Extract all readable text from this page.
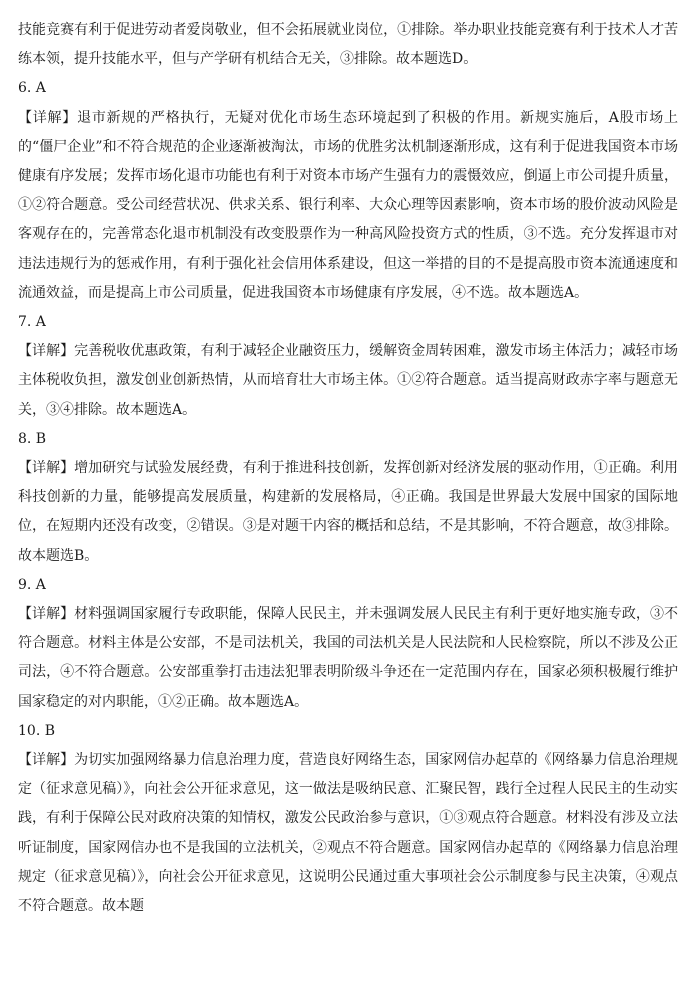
技能竞赛有利于促进劳动者爱岗敬业，但不会拓展就业岗位，①排除。举办职业技能竞赛有利于技术人才苦练本领，提升技能水平，但与产学研有机结合无关，③排除。故本题选D。

6. A

【详解】退市新规的严格执行，无疑对优化市场生态环境起到了积极的作用。新规实施后，A股市场上的“僵尸企业”和不符合规范的企业逐渐被淘汰，市场的优胜劣汰机制逐渐形成，这有利于促进我国资本市场健康有序发展；发挥市场化退市功能也有利于对资本市场产生强有力的震慑效应，倒逼上市公司提升质量，①②符合题意。受公司经营状况、供求关系、银行利率、大众心理等因素影响，资本市场的股价波动风险是客观存在的，完善常态化退市机制没有改变股票作为一种高风险投资方式的性质，③不选。充分发挥退市对违法违规行为的惩戒作用，有利于强化社会信用体系建设，但这一举措的目的不是提高股市资本流通速度和流通效益，而是提高上市公司质量，促进我国资本市场健康有序发展，④不选。故本题选A。

7. A

【详解】完善税收优惠政策，有利于减轻企业融资压力，缓解资金周转困难，激发市场主体活力；减轻市场主体税收负担，激发创业创新热情，从而培育壮大市场主体。①②符合题意。适当提高财政赤字率与题意无关，③④排除。故本题选A。

8. B

【详解】增加研究与试验发展经费，有利于推进科技创新，发挥创新对经济发展的驱动作用，①正确。利用科技创新的力量，能够提高发展质量，构建新的发展格局，④正确。我国是世界最大发展中国家的国际地位，在短期内还没有改变，②错误。③是对题干内容的概括和总结，不是其影响，不符合题意，故③排除。故本题选B。

9. A

【详解】材料强调国家履行专政职能，保障人民民主，并未强调发展人民民主有利于更好地实施专政，③不符合题意。材料主体是公安部，不是司法机关，我国的司法机关是人民法院和人民检察院，所以不涉及公正司法，④不符合题意。公安部重拳打击违法犯罪表明阶级斗争还在一定范围内存在，国家必须积极履行维护国家稳定的对内职能，①②正确。故本题选A。

10. B

【详解】为切实加强网络暴力信息治理力度，营造良好网络生态，国家网信办起草的《网络暴力信息治理规定（征求意见稿）》，向社会公开征求意见，这一做法是吸纳民意、汇聚民智，践行全过程人民民主的生动实践，有利于保障公民对政府决策的知情权，激发公民政治参与意识，①③观点符合题意。材料没有涉及立法听证制度，国家网信办也不是我国的立法机关，②观点不符合题意。国家网信办起草的《网络暴力信息治理规定（征求意见稿）》，向社会公开征求意见，这说明公民通过重大事项社会公示制度参与民主决策，④观点不符合题意。故本题
